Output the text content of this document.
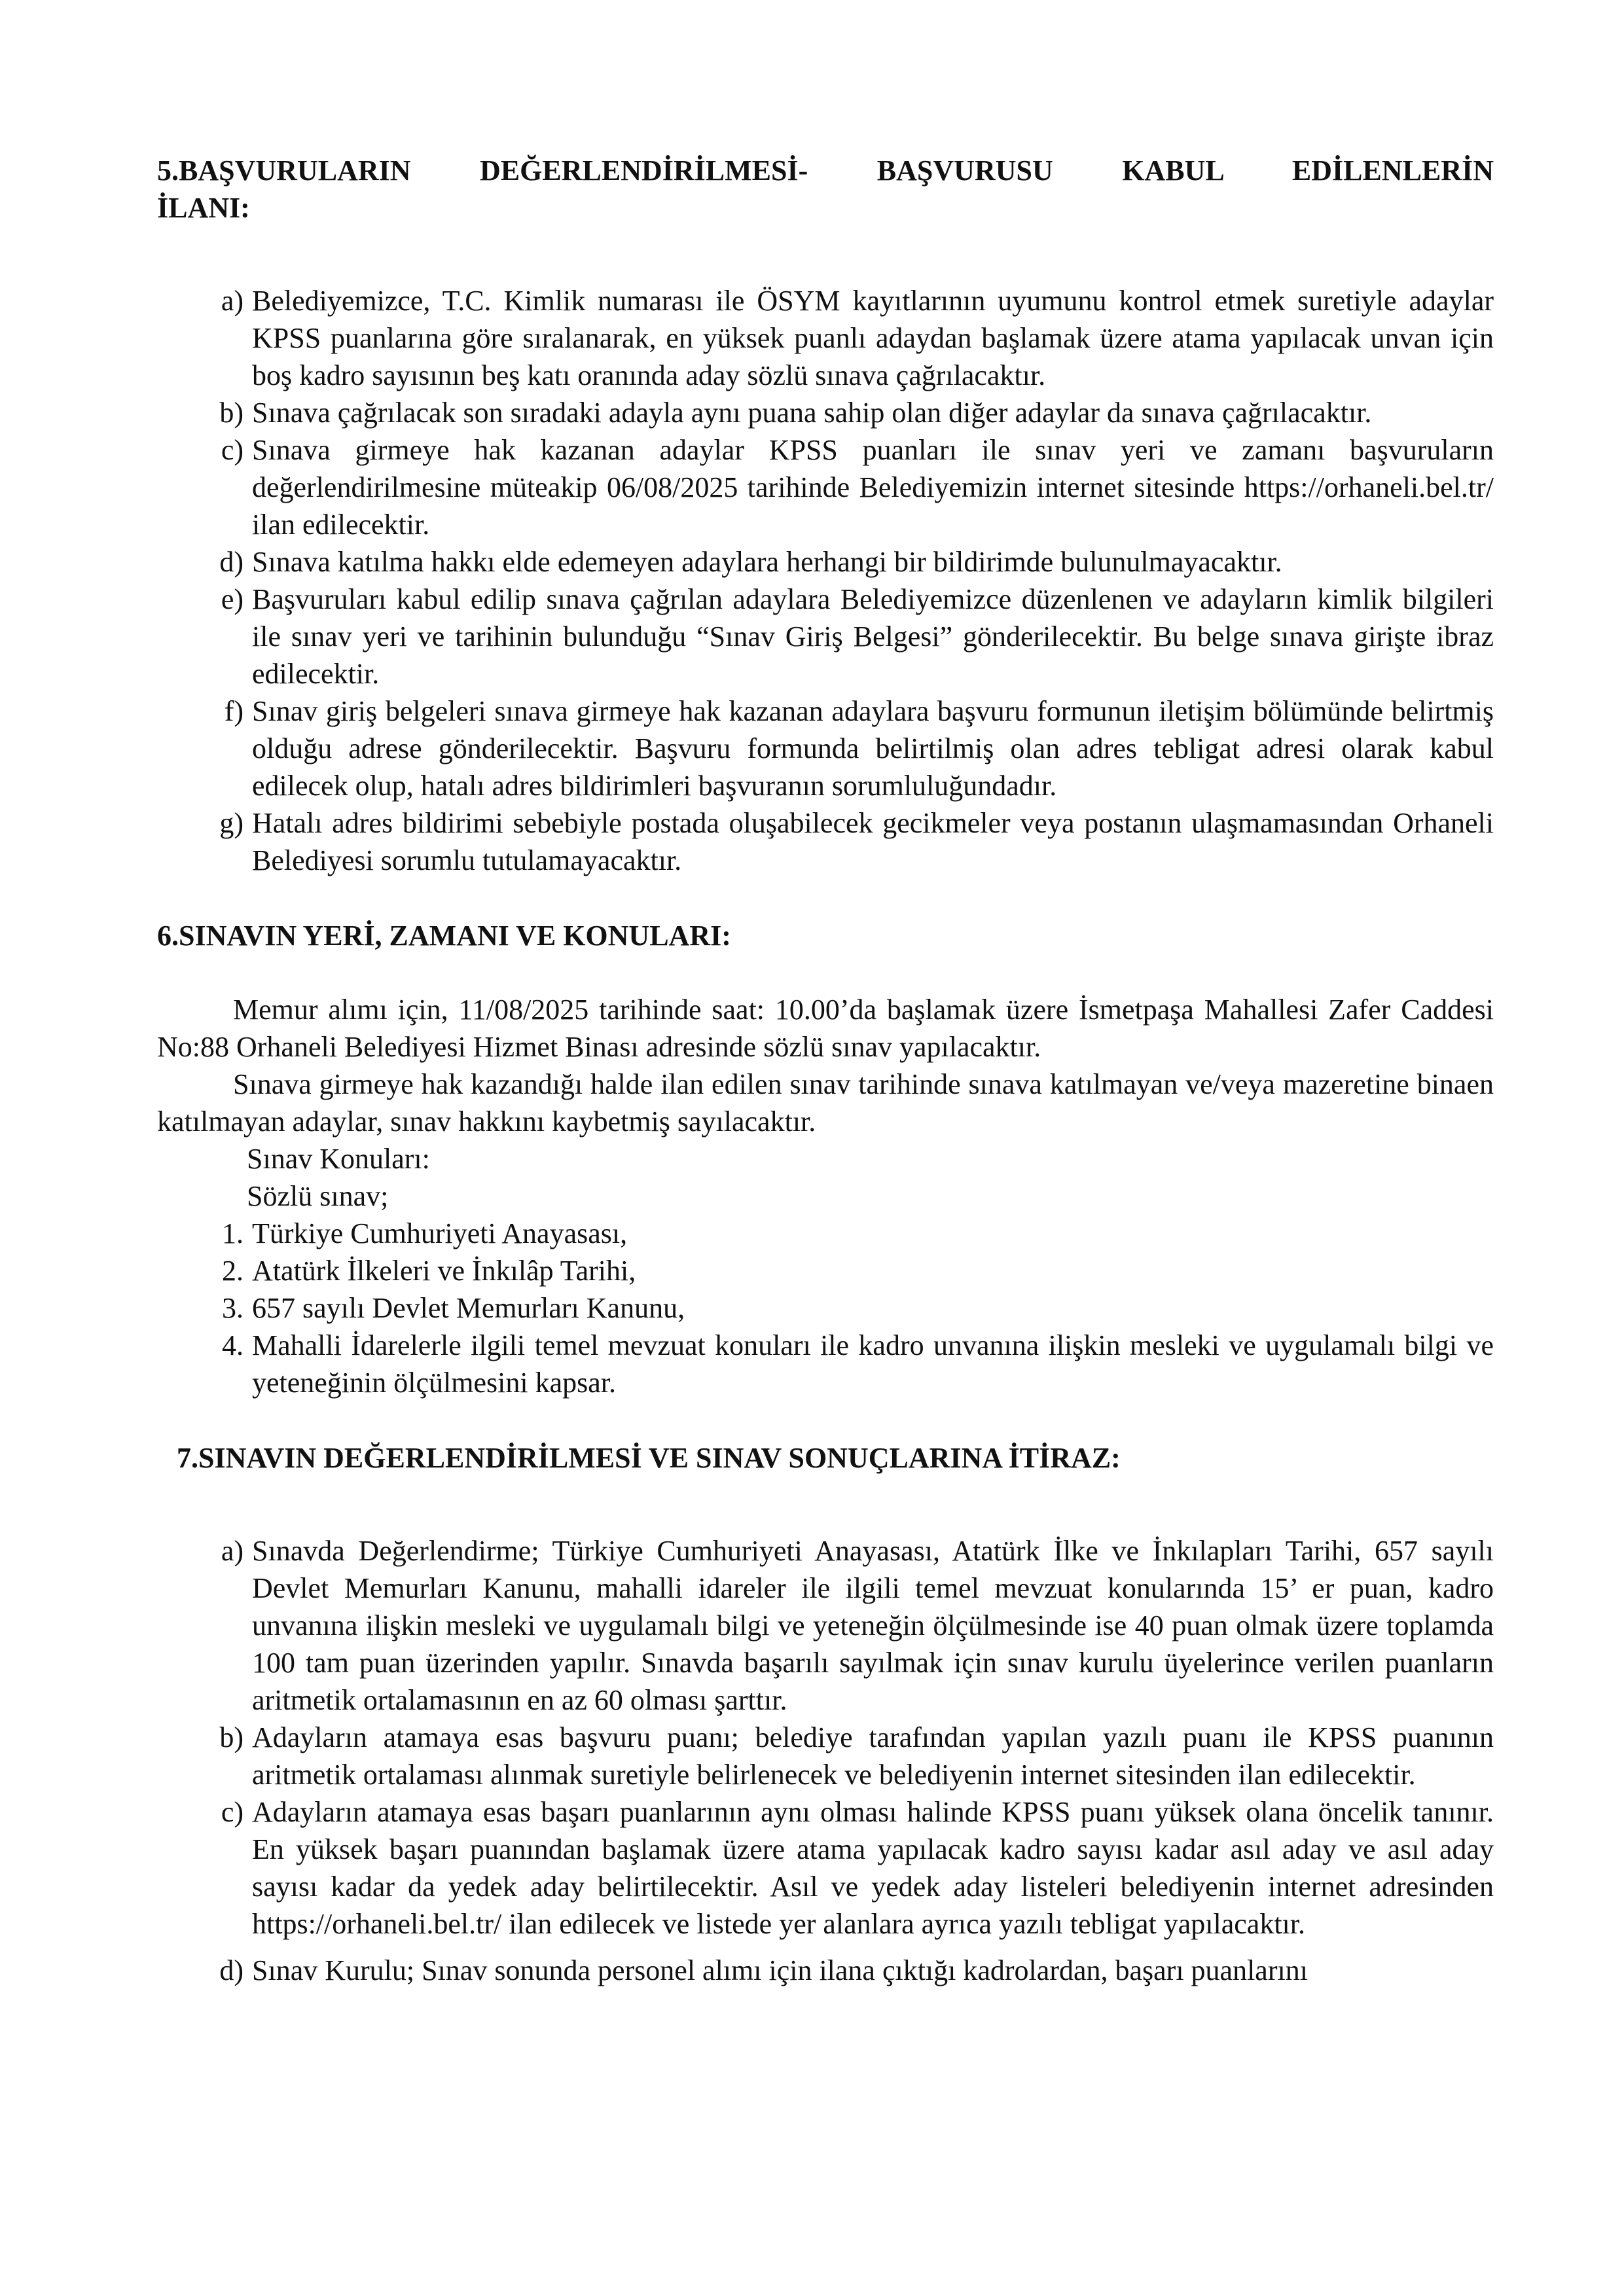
5.BAŞVURULARIN DEĞERLENDİRİLMESİ- BAŞVURUSU KABUL EDİLENLERİN
İLANI:
a) Belediyemizce, T.C. Kimlik numarası ile ÖSYM kayıtlarının uyumunu kontrol etmek suretiyle adaylar KPSS puanlarına göre sıralanarak, en yüksek puanlı adaydan başlamak üzere atama yapılacak unvan için boş kadro sayısının beş katı oranında aday sözlü sınava çağrılacaktır.
b) Sınava çağrılacak son sıradaki adayla aynı puana sahip olan diğer adaylar da sınava çağrılacaktır.
c) Sınava girmeye hak kazanan adaylar KPSS puanları ile sınav yeri ve zamanı başvuruların değerlendirilmesine müteakip 06/08/2025 tarihinde Belediyemizin internet sitesinde https://orhaneli.bel.tr/ ilan edilecektir.
d) Sınava katılma hakkı elde edemeyen adaylara herhangi bir bildirimde bulunulmayacaktır.
e) Başvuruları kabul edilip sınava çağrılan adaylara Belediyemizce düzenlenen ve adayların kimlik bilgileri ile sınav yeri ve tarihinin bulunduğu “Sınav Giriş Belgesi” gönderilecektir. Bu belge sınava girişte ibraz edilecektir.
f) Sınav giriş belgeleri sınava girmeye hak kazanan adaylara başvuru formunun iletişim bölümünde belirtmiş olduğu adrese gönderilecektir. Başvuru formunda belirtilmiş olan adres tebligat adresi olarak kabul edilecek olup, hatalı adres bildirimleri başvuranın sorumluluğundadır.
g) Hatalı adres bildirimi sebebiyle postada oluşabilecek gecikmeler veya postanın ulaşmamasından Orhaneli Belediyesi sorumlu tutulamayacaktır.
6.SINAVIN YERİ, ZAMANI VE KONULARI:

Memur alımı için, 11/08/2025 tarihinde saat: 10.00’da başlamak üzere İsmetpaşa Mahallesi Zafer Caddesi No:88 Orhaneli Belediyesi Hizmet Binası adresinde sözlü sınav yapılacaktır.

Sınava girmeye hak kazandığı halde ilan edilen sınav tarihinde sınava katılmayan ve/veya mazeretine binaen katılmayan adaylar, sınav hakkını kaybetmiş sayılacaktır.

Sınav Konuları:
Sözlü sınav;
1. Türkiye Cumhuriyeti Anayasası,
2. Atatürk İlkeleri ve İnkılâp Tarihi,
3. 657 sayılı Devlet Memurları Kanunu,
4. Mahalli İdarelerle ilgili temel mevzuat konuları ile kadro unvanına ilişkin mesleki ve uygulamalı bilgi ve yeteneğinin ölçülmesini kapsar.
7.SINAVIN DEĞERLENDİRİLMESİ VE SINAV SONUÇLARINA İTİRAZ:
a) Sınavda Değerlendirme; Türkiye Cumhuriyeti Anayasası, Atatürk İlke ve İnkılapları Tarihi, 657 sayılı Devlet Memurları Kanunu, mahalli idareler ile ilgili temel mevzuat konularında 15’ er puan, kadro unvanına ilişkin mesleki ve uygulamalı bilgi ve yeteneğin ölçülmesinde ise 40 puan olmak üzere toplamda 100 tam puan üzerinden yapılır. Sınavda başarılı sayılmak için sınav kurulu üyelerince verilen puanların aritmetik ortalamasının en az 60 olması şarttır.
b) Adayların atamaya esas başvuru puanı; belediye tarafından yapılan yazılı puanı ile KPSS puanının aritmetik ortalaması alınmak suretiyle belirlenecek ve belediyenin internet sitesinden ilan edilecektir.
c) Adayların atamaya esas başarı puanlarının aynı olması halinde KPSS puanı yüksek olana öncelik tanınır. En yüksek başarı puanından başlamak üzere atama yapılacak kadro sayısı kadar asıl aday ve asıl aday sayısı kadar da yedek aday belirtilecektir. Asıl ve yedek aday listeleri belediyenin internet adresinden https://orhaneli.bel.tr/ ilan edilecek ve listede yer alanlara ayrıca yazılı tebligat yapılacaktır.
d) Sınav Kurulu; Sınav sonunda personel alımı için ilana çıktığı kadrolardan, başarı puanlarını
